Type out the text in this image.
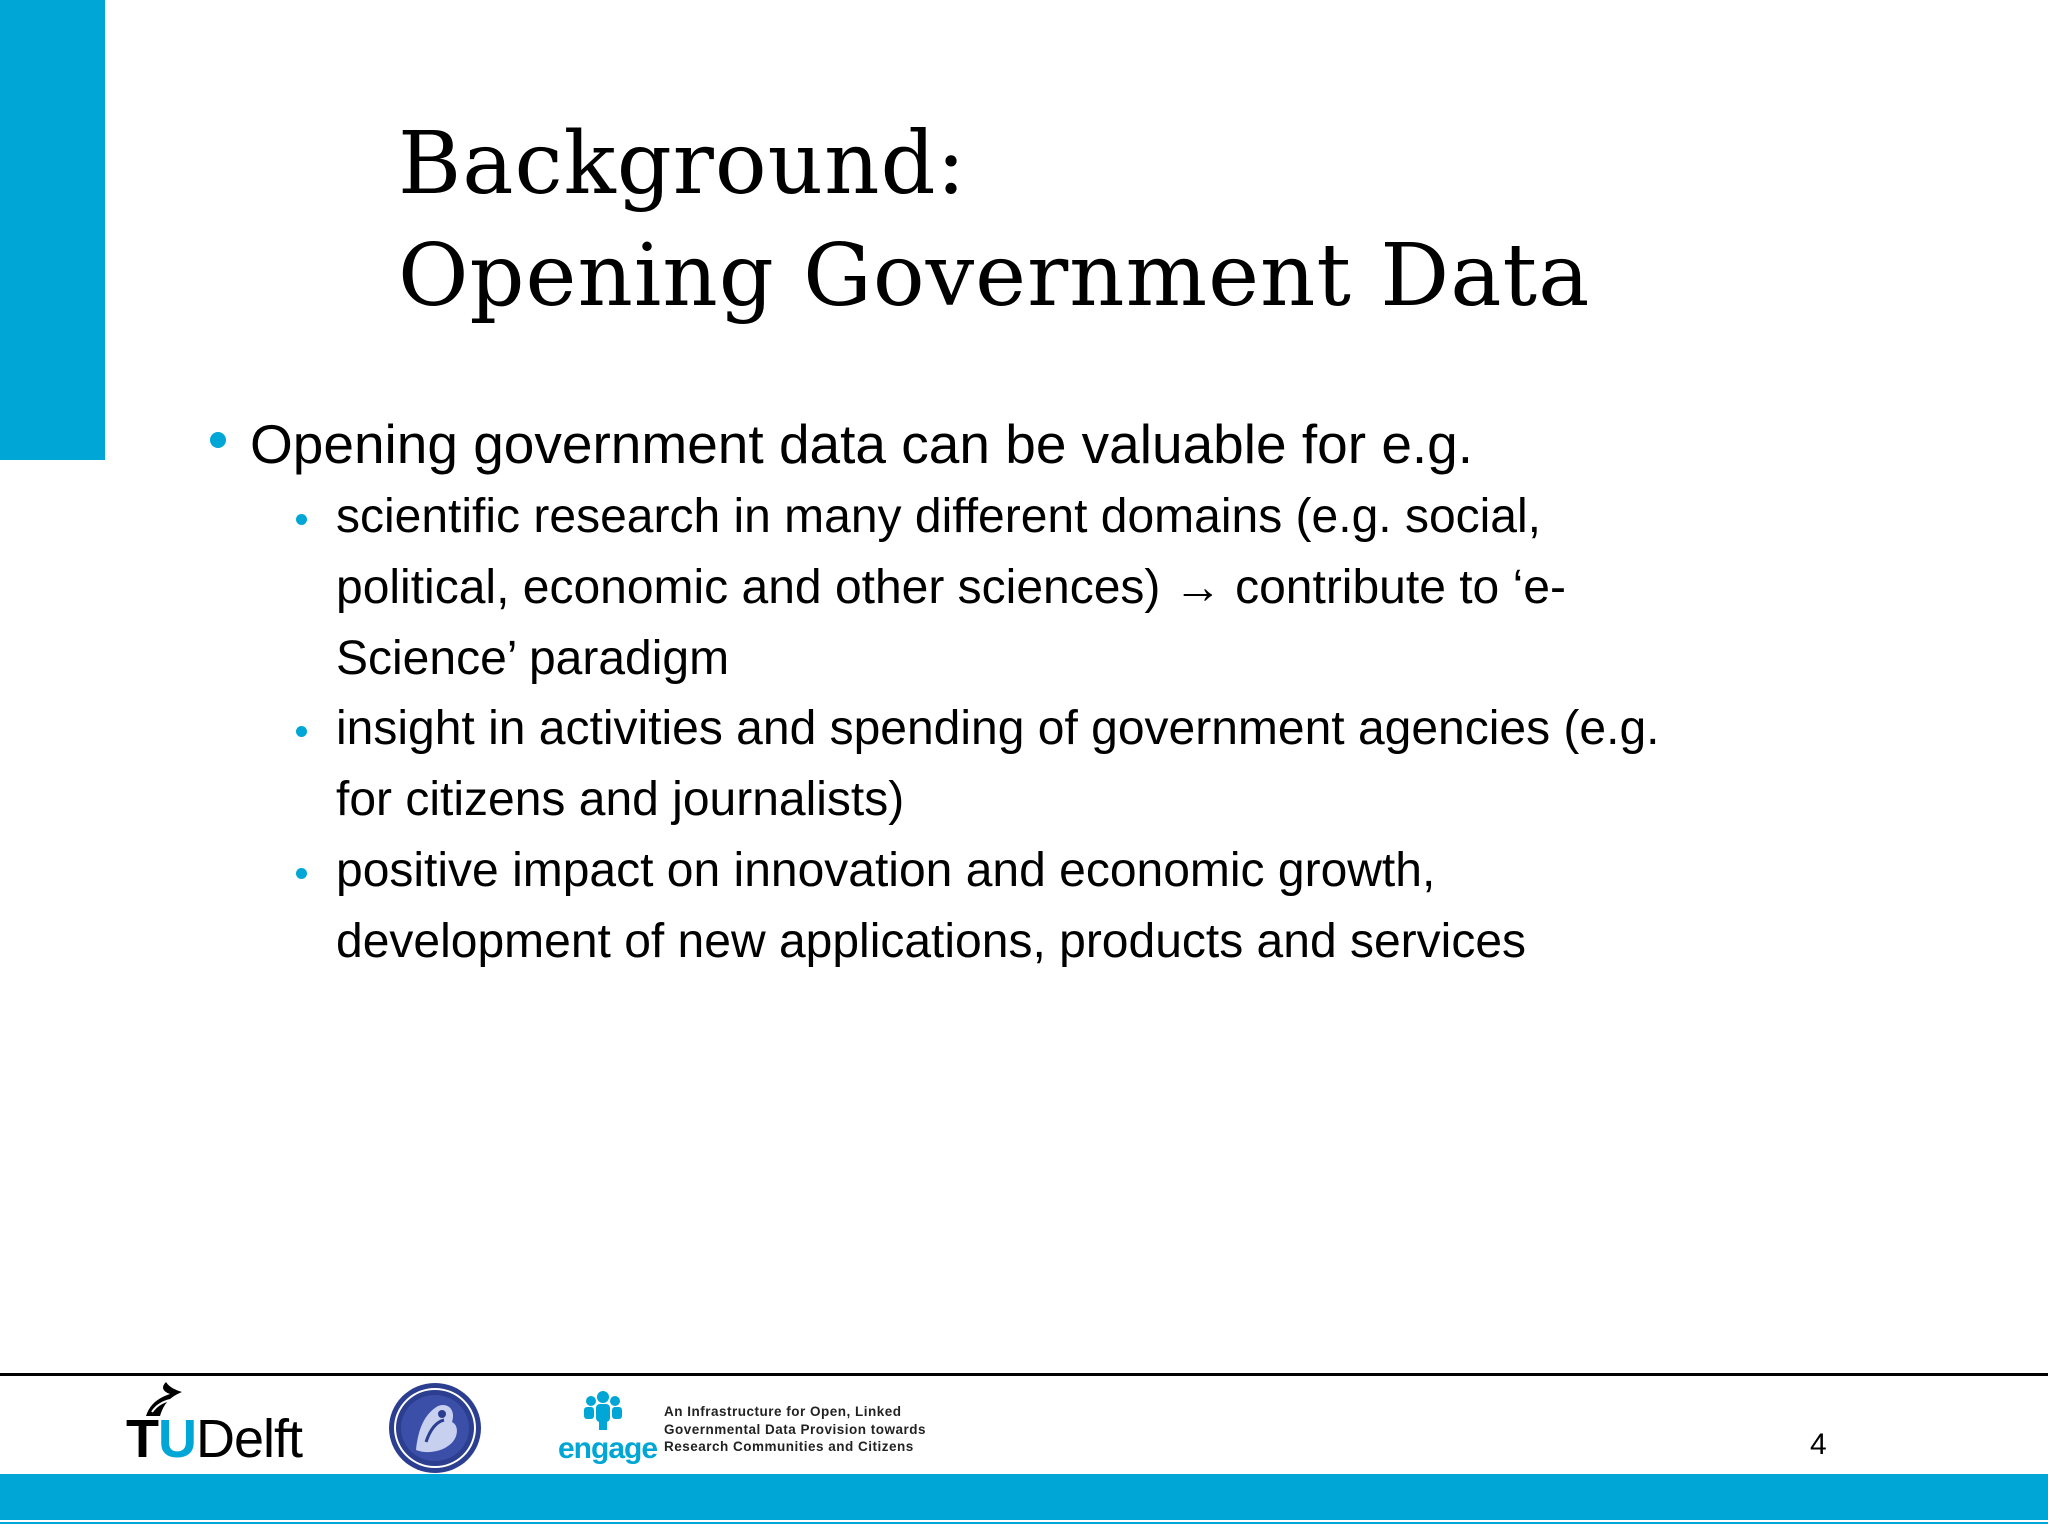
Background:
Opening Government Data
Opening government data can be valuable for e.g.
scientific research in many different domains (e.g. social,
political, economic and other sciences) → contribute to ‘e-
Science’ paradigm
insight in activities and spending of government agencies (e.g.
for citizens and journalists)
positive impact on innovation and economic growth,
development of new applications, products and services
TUDelft	engage
An Infrastructure for Open, Linked
Governmental Data Provision towards
Research Communities and Citizens	4
